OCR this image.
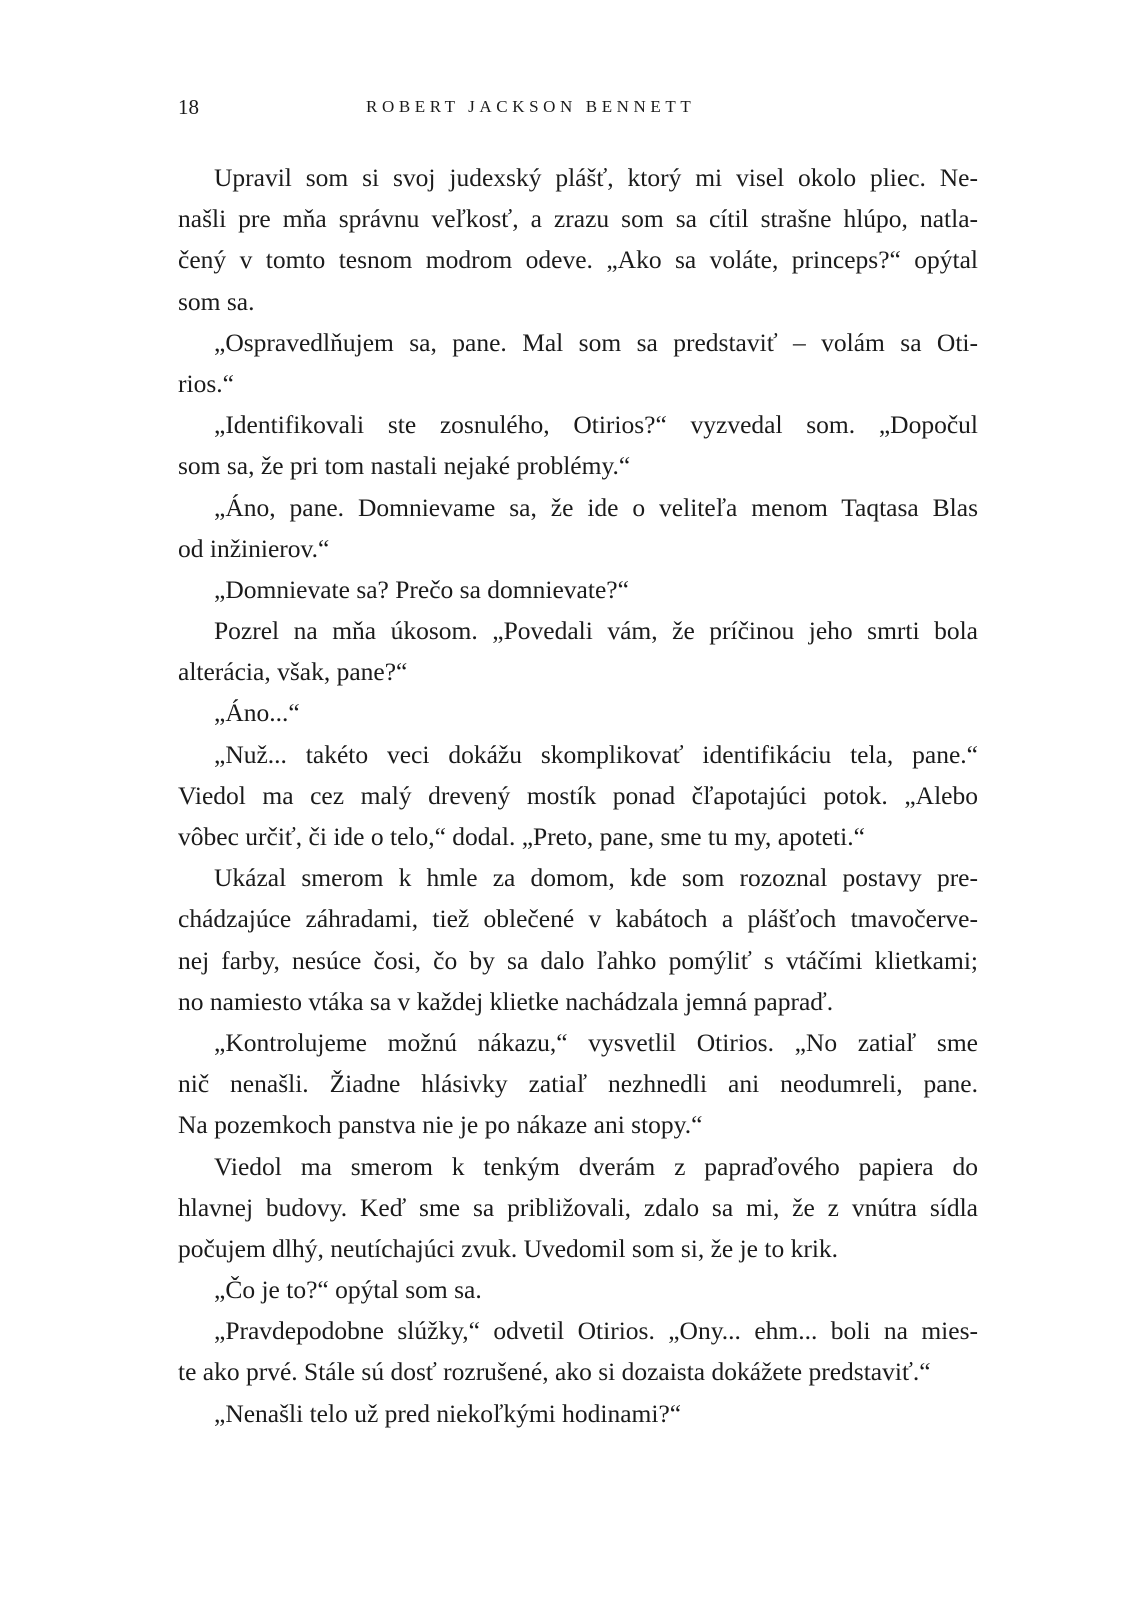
18	ROBERT JACKSON BENNETT
Upravil som si svoj judexský plášť, ktorý mi visel okolo pliec. Ne-
našli pre mňa správnu veľkosť, a zrazu som sa cítil strašne hlúpo, natla-
čený v tomto tesnom modrom odeve. „Ako sa voláte, princeps?“ opýtal
som sa.
„Ospravedlňujem sa, pane. Mal som sa predstaviť – volám sa Oti-
rios.“
„Identifikovali ste zosnulého, Otirios?“ vyzvedal som. „Dopočul
som sa, že pri tom nastali nejaké problémy.“
„Áno, pane. Domnievame sa, že ide o veliteľa menom Taqtasa Blas
od inžinierov.“
„Domnievate sa? Prečo sa domnievate?“
Pozrel na mňa úkosom. „Povedali vám, že príčinou jeho smrti bola
alterácia, však, pane?“
„Áno...“
„Nuž... takéto veci dokážu skomplikovať identifikáciu tela, pane.“
Viedol ma cez malý drevený mostík ponad čľapotajúci potok. „Alebo
vôbec určiť, či ide o telo,“ dodal. „Preto, pane, sme tu my, apoteti.“
Ukázal smerom k hmle za domom, kde som rozoznal postavy pre-
chádzajúce záhradami, tiež oblečené v kabátoch a plášťoch tmavočerve-
nej farby, nesúce čosi, čo by sa dalo ľahko pomýliť s vtáčími klietkami;
no namiesto vtáka sa v každej klietke nachádzala jemná papraď.
„Kontrolujeme možnú nákazu,“ vysvetlil Otirios. „No zatiaľ sme
nič nenašli. Žiadne hlásivky zatiaľ nezhnedli ani neodumreli, pane.
Na pozemkoch panstva nie je po nákaze ani stopy.“
Viedol ma smerom k tenkým dverám z papraďového papiera do
hlavnej budovy. Keď sme sa približovali, zdalo sa mi, že z vnútra sídla
počujem dlhý, neutíchajúci zvuk. Uvedomil som si, že je to krik.
„Čo je to?“ opýtal som sa.
„Pravdepodobne slúžky,“ odvetil Otirios. „Ony... ehm... boli na mies-
te ako prvé. Stále sú dosť rozrušené, ako si dozaista dokážete predstaviť.“
„Nenašli telo už pred niekoľkými hodinami?“
